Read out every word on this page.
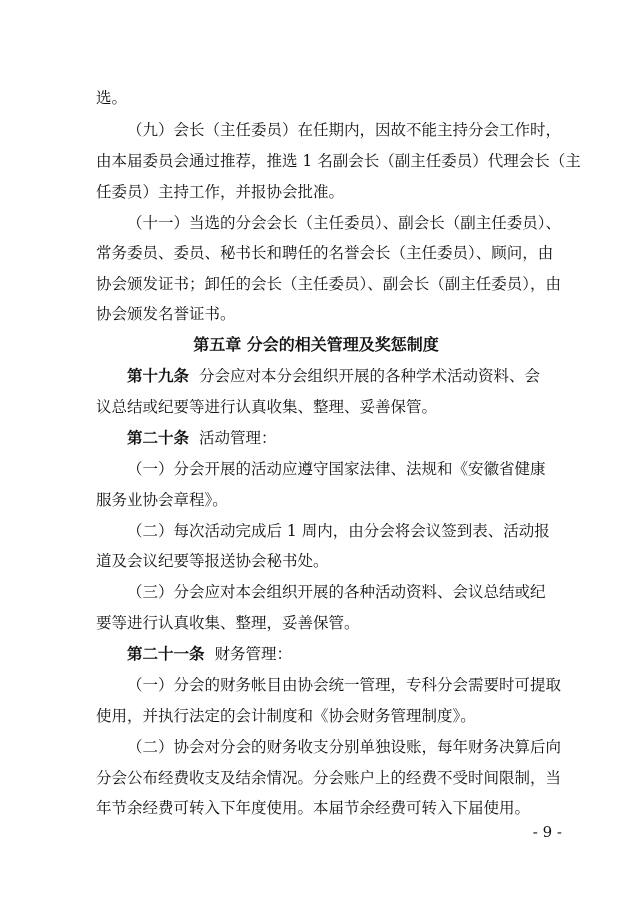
选。
（九）会长（主任委员）在任期内，因故不能主持分会工作时，
由本届委员会通过推荐，推选 1 名副会长（副主任委员）代理会长（主
任委员）主持工作，并报协会批准。
（十一）当选的分会会长（主任委员）、副会长（副主任委员）、
常务委员、委员、秘书长和聘任的名誉会长（主任委员）、顾问，由
协会颁发证书；卸任的会长（主任委员）、副会长（副主任委员），由
协会颁发名誉证书。
第五章 分会的相关管理及奖惩制度
第十九条 分会应对本分会组织开展的各种学术活动资料、会
议总结或纪要等进行认真收集、整理、妥善保管。
第二十条 活动管理：
（一）分会开展的活动应遵守国家法律、法规和《安徽省健康
服务业协会章程》。
（二）每次活动完成后 1 周内，由分会将会议签到表、活动报
道及会议纪要等报送协会秘书处。
（三）分会应对本会组织开展的各种活动资料、会议总结或纪
要等进行认真收集、整理，妥善保管。
第二十一条 财务管理：
（一）分会的财务帐目由协会统一管理，专科分会需要时可提取
使用，并执行法定的会计制度和《协会财务管理制度》。
（二）协会对分会的财务收支分别单独设账，每年财务决算后向
分会公布经费收支及结余情况。分会账户上的经费不受时间限制，当
年节余经费可转入下年度使用。本届节余经费可转入下届使用。
- 9 -
